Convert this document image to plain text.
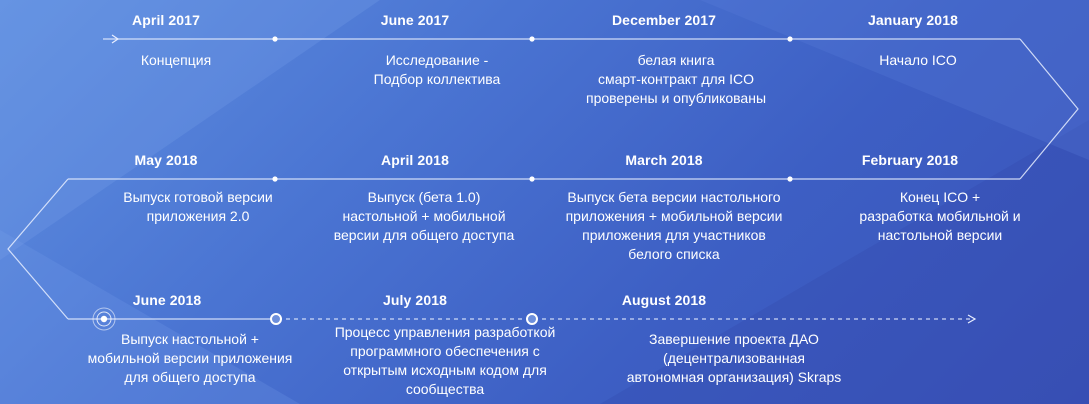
April 2017
Концепция
June 2017
Исследование -
Подбор коллектива
December 2017
белая книга
смарт-контракт для ICO
проверены и опубликованы
January 2018
Начало ICO
May 2018
Выпуск готовой версии
приложения 2.0
April 2018
Выпуск (бета 1.0)
настольной + мобильной
версии для общего доступа
March 2018
Выпуск бета версии настольного
приложения + мобильной версии
приложения для участников
белого списка
February 2018
Конец ICO +
разработка мобильной и
настольной версии
June 2018
Выпуск настольной +
мобильной версии приложения
для общего доступа
July 2018
Процесс управления разработкой
программного обеспечения с
открытым исходным кодом для
сообщества
August 2018
Завершение проекта ДАО
(децентрализованная
автономная организация) Skraps
